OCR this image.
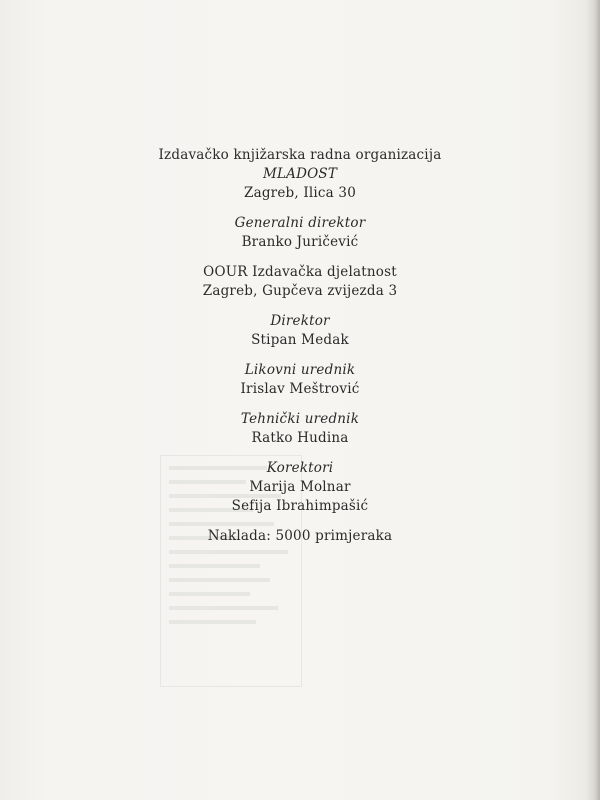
Izdavačko knjižarska radna organizacija
MLADOST
Zagreb, Ilica 30
Generalni direktor
Branko Juričević
OOUR Izdavačka djelatnost
Zagreb, Gupčeva zvijezda 3
Direktor
Stipan Medak
Likovni urednik
Irislav Meštrović
Tehnički urednik
Ratko Hudina
Korektori
Marija Molnar
Sefija Ibrahimpašić
Naklada: 5000 primjeraka
